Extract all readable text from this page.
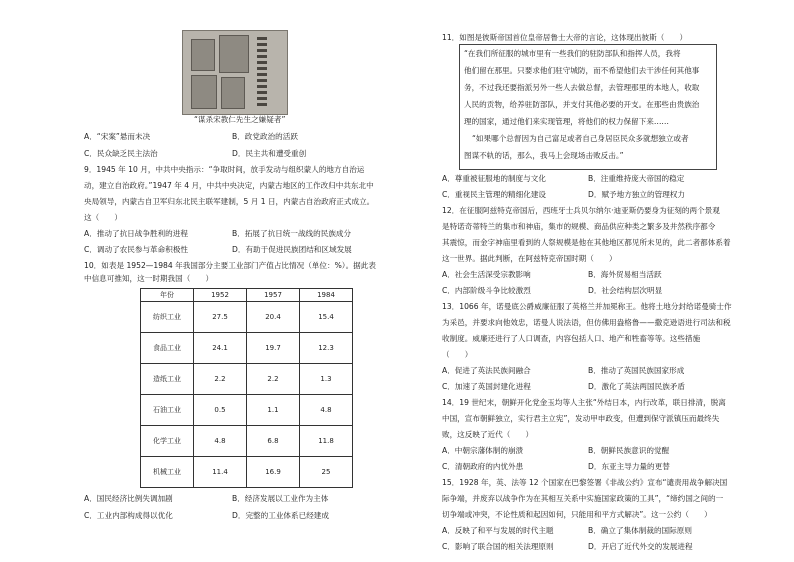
“谋杀宋教仁先生之嫌疑者”
A．“宋案”悬而未决	B．政党政治的活跃
C．民众缺乏民主法治	D．民主共和遭受重创
9．1945 年 10 月，中共中央指示：“争取时间，放手发动与组织蒙人的地方自治运
动，建立自治政府。”1947 年 4 月，中共中央决定，内蒙古地区的工作改归中共东北中
央局领导，内蒙古自卫军归东北民主联军建制，5 月 1 日，内蒙古自治政府正式成立。
这（　　）
A．推动了抗日战争胜利的进程	B．拓展了抗日统一战线的民族成分
C．调动了农民参与革命积极性	D．有助于促进民族团结和区域发展
10．如表是 1952—1984 年我国部分主要工业部门产值占比情况（单位：%）。据此表
中信息可推知，这一时期我国（　　）
A．国民经济比例失调加剧	B．经济发展以工业作为主体
C．工业内部构成得以优化	D．完整的工业体系已经建成
年份	1952	1957	1984
纺织工业	27.5	20.4	15.4
食品工业	24.1	19.7	12.3
造纸工业	2.2	2.2	1.3
石油工业	0.5	1.1	4.8
化学工业	4.8	6.8	11.8
机械工业	11.4	16.9	25
11．如图是彼斯帝国首位皇帝居鲁士大帝的言论，这体现出彼斯（　　）
“在我们所征服的城市里有一些我们的驻防部队和指挥人员，我将
他们留在那里。只要求他们驻守城防，而不希望他们去干涉任何其他事
务，不过我还要指派另外一些人去做总督，去管理那里的本地人，收取
人民的贡物，给养驻防部队，并支付其他必要的开支。在那些由贵族治
理的国家，通过他们来实现管理，将他们的权力保留下来……
“如果哪个总督因为自己富足或者自己身居臣民众多就想独立或者
图谋不轨的话，那么，我马上会现场击败反击。”
A．尊重被征服地的制度与文化	B．注重维持庞大帝国的稳定
C．重视民主管理的精细化建设	D．赋予地方独立的管理权力
12．在征服阿兹特克帝国后，西班牙士兵贝尔纳尔·迪亚斯仍要身为征刻的两个景观
是特诺奇蒂特兰的集市和神庙，集市的规模、商品供应种类之繁多及井然秩序都令
其震惊，而金字神庙里看到的人祭规模是他在其他地区都见所未见的，此二者都体系着
这一世界。据此判断，在阿兹特克帝国时期（　　）
A．社会生活深受宗教影响	B．海外贸易相当活跃
C．内部阶级斗争比较激烈	D．社会结构层次明显
13．1066 年，诺曼底公爵威廉征服了英格兰并加冕称王。他将土地分封给诺曼骑士作
为采邑，并要求向他效忠，诺曼人说法语，但仿佛用盎格鲁——撒克逊语进行司法和税
收制度。威廉还进行了人口调查，内容包括人口、地产和牲畜等等。这些措施
（　　）
A．促进了英法民族间融合	B．推动了英国民族国家形成
C．加速了英国封建化进程	D．激化了英法两国民族矛盾
14．19 世纪末，朝鲜开化党金玉均等人主张“外结日本，内行改革，联日排清，脱离
中国，宣布朝鲜独立，实行君主立宪”，发动甲申政变，但遭到保守派镇压而最终失
败，这反映了近代（　　）
A．中朝宗藩体制的崩溃	B．朝鲜民族意识的觉醒
C．清朝政府的内忧外患	D．东亚主导力量的更替
15．1928 年，英、法等 12 个国家在巴黎签署《非战公约》宣布“谴责用战争解决国
际争端，并废弃以战争作为在其相互关系中实施国家政策的工具”，“缔约国之间的一
切争端或冲突，不论性质和起因如何，只能用和平方式解决”。这一公约（　　）
A．反映了和平与发展的时代主题	B．确立了集体制裁的国际原则
C．影响了联合国的相关法理原则	D．开启了近代外交的发展进程
